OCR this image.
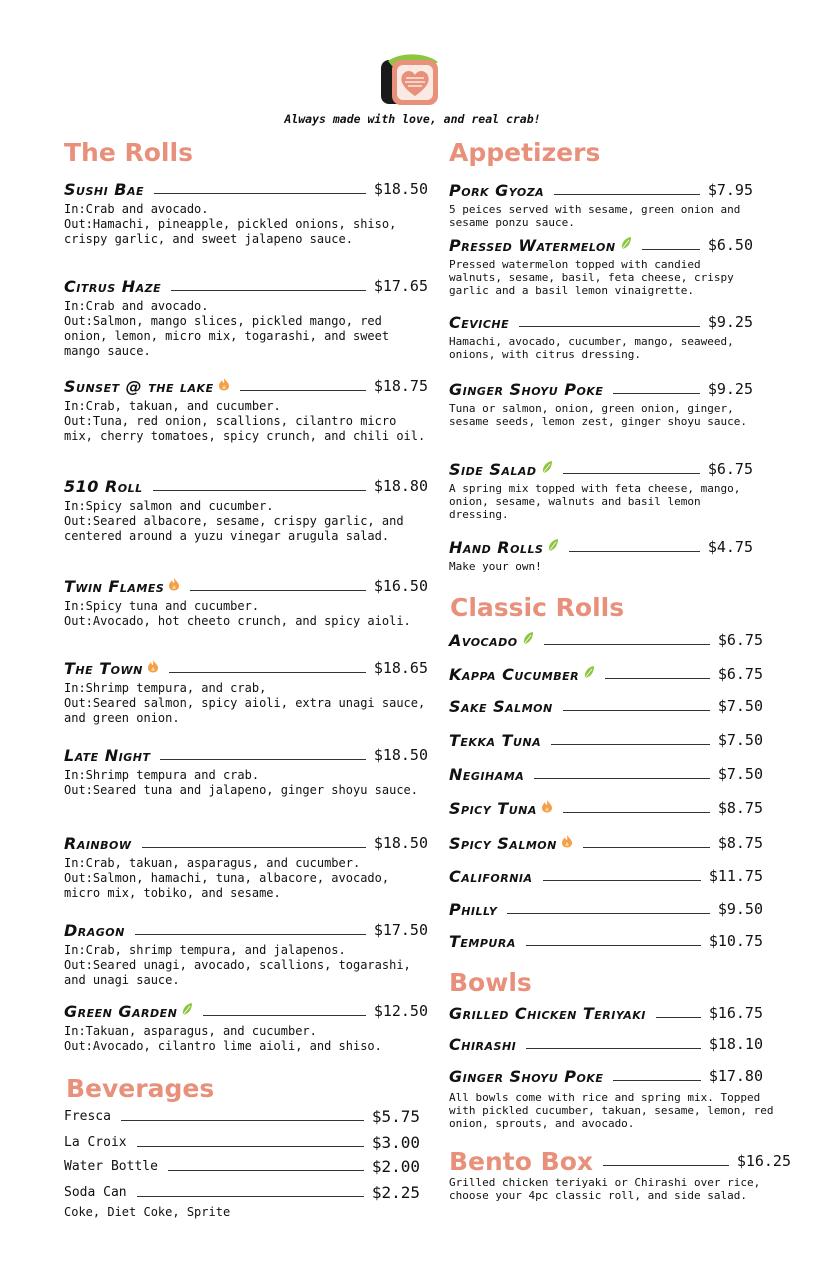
Always made with love, and real crab!
The Rolls
Sushi Bae	$18.50
In:Crab and avocado.
Out:Hamachi, pineapple, pickled onions, shiso, crispy garlic, and sweet jalapeno sauce.
Citrus Haze	$17.65
In:Crab and avocado.
Out:Salmon, mango slices, pickled mango, red onion, lemon, micro mix, togarashi, and sweet mango sauce.
Sunset @ the lake	$18.75
In:Crab, takuan, and cucumber.
Out:Tuna, red onion, scallions, cilantro micro mix, cherry tomatoes, spicy crunch, and chili oil.
510 Roll	$18.80
In:Spicy salmon and cucumber.
Out:Seared albacore, sesame, crispy garlic, and centered around a yuzu vinegar arugula salad.
Twin Flames	$16.50
In:Spicy tuna and cucumber.
Out:Avocado, hot cheeto crunch, and spicy aioli.
The Town	$18.65
In:Shrimp tempura, and crab,
Out:Seared salmon, spicy aioli, extra unagi sauce, and green onion.
Late Night	$18.50
In:Shrimp tempura and crab.
Out:Seared tuna and jalapeno, ginger shoyu sauce.
Rainbow	$18.50
In:Crab, takuan, asparagus, and cucumber.
Out:Salmon, hamachi, tuna, albacore, avocado, micro mix, tobiko, and sesame.
Dragon	$17.50
In:Crab, shrimp tempura, and jalapenos.
Out:Seared unagi, avocado, scallions, togarashi, and unagi sauce.
Green Garden	$12.50
In:Takuan, asparagus, and cucumber.
Out:Avocado, cilantro lime aioli, and shiso.
Beverages
Fresca	$5.75
La Croix	$3.00
Water Bottle	$2.00
Soda Can	$2.25
Coke, Diet Coke, Sprite
Appetizers
Pork Gyoza	$7.95
5 peices served with sesame, green onion and sesame ponzu sauce.
Pressed Watermelon	$6.50
Pressed watermelon topped with candied walnuts, sesame, basil, feta cheese, crispy garlic and a basil lemon vinaigrette.
Ceviche	$9.25
Hamachi, avocado, cucumber, mango, seaweed, onions, with citrus dressing.
Ginger Shoyu Poke	$9.25
Tuna or salmon, onion, green onion, ginger, sesame seeds, lemon zest, ginger shoyu sauce.
Side Salad	$6.75
A spring mix topped with feta cheese, mango, onion, sesame, walnuts and basil lemon dressing.
Hand Rolls	$4.75
Make your own!
Classic Rolls
Avocado	$6.75
Kappa Cucumber	$6.75
Sake Salmon	$7.50
Tekka Tuna	$7.50
Negihama	$7.50
Spicy Tuna	$8.75
Spicy Salmon	$8.75
California	$11.75
Philly	$9.50
Tempura	$10.75
Bowls
Grilled Chicken Teriyaki	$16.75
Chirashi	$18.10
Ginger Shoyu Poke	$17.80
All bowls come with rice and spring mix. Topped with pickled cucumber, takuan, sesame, lemon, red onion, sprouts, and avocado.
Bento Box	$16.25
Grilled chicken teriyaki or Chirashi over rice, choose your 4pc classic roll, and side salad.
